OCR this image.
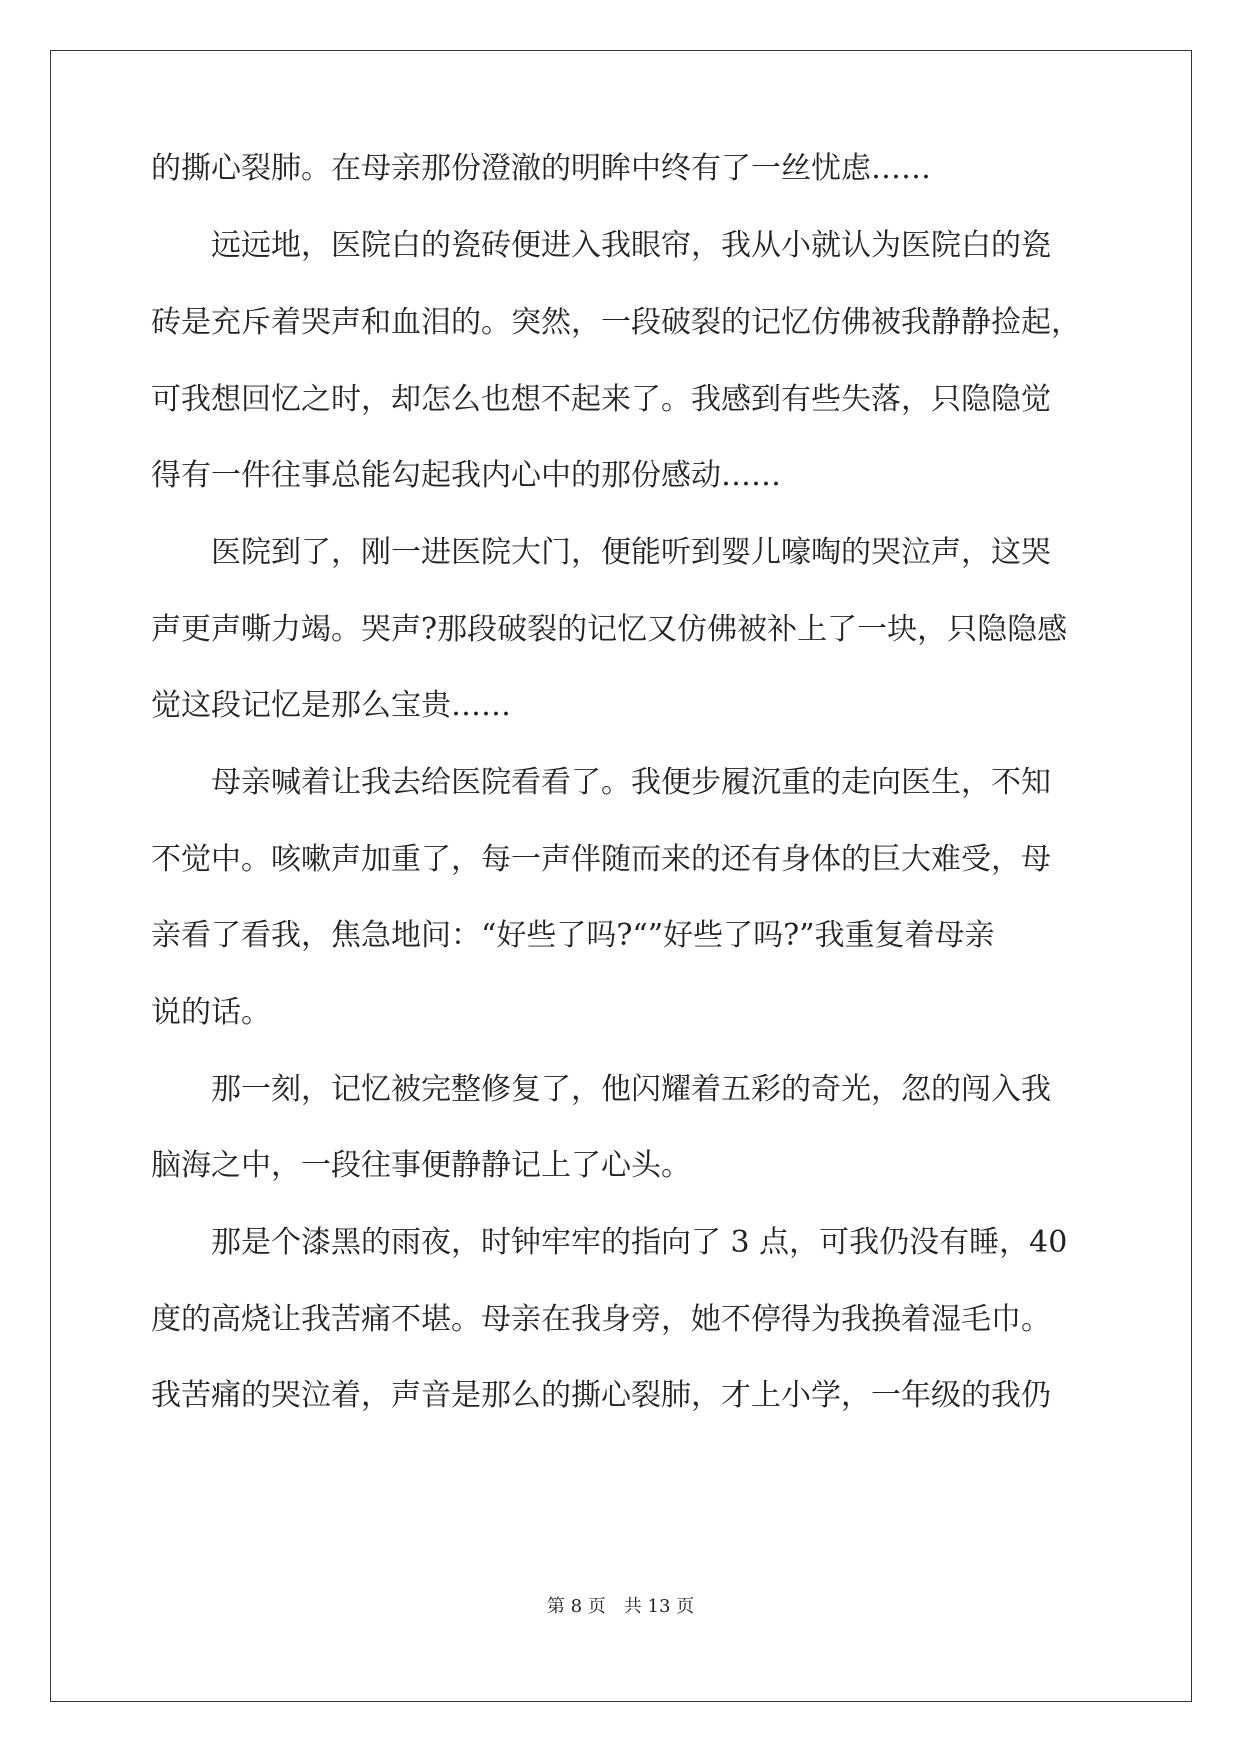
的撕心裂肺。在母亲那份澄澈的明眸中终有了一丝忧虑……
　　远远地，医院白的瓷砖便进入我眼帘，我从小就认为医院白的瓷
砖是充斥着哭声和血泪的。突然，一段破裂的记忆仿佛被我静静捡起，
可我想回忆之时，却怎么也想不起来了。我感到有些失落，只隐隐觉
得有一件往事总能勾起我内心中的那份感动……
　　医院到了，刚一进医院大门，便能听到婴儿嚎啕的哭泣声，这哭
声更声嘶力竭。哭声?那段破裂的记忆又仿佛被补上了一块，只隐隐感
觉这段记忆是那么宝贵……
　　母亲喊着让我去给医院看看了。我便步履沉重的走向医生，不知
不觉中。咳嗽声加重了，每一声伴随而来的还有身体的巨大难受，母
亲看了看我，焦急地问：“好些了吗?“”好些了吗?”我重复着母亲
说的话。
　　那一刻，记忆被完整修复了，他闪耀着五彩的奇光，忽的闯入我
脑海之中，一段往事便静静记上了心头。
　　那是个漆黑的雨夜，时钟牢牢的指向了 3 点，可我仍没有睡，40
度的高烧让我苦痛不堪。母亲在我身旁，她不停得为我换着湿毛巾。
我苦痛的哭泣着，声音是那么的撕心裂肺，才上小学，一年级的我仍
第 8 页　共 13 页
